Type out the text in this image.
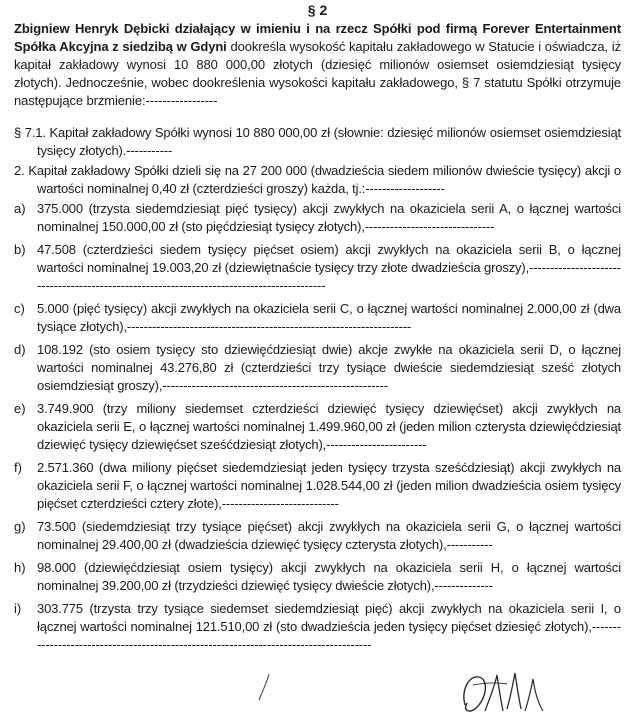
§ 2

Zbigniew Henryk Dębicki działający w imieniu i na rzecz Spółki pod firmą Forever Entertainment Spółka Akcyjna z siedzibą w Gdyni dookreśla wysokość kapitału zakładowego w Statucie i oświadcza, iż kapitał zakładowy wynosi 10 880 000,00 złotych (dziesięć milionów osiemset osiemdziesiąt tysięcy złotych). Jednocześnie, wobec dookreślenia wysokości kapitału zakładowego, § 7 statutu Spółki otrzymuje następujące brzmienie:-----------------

§ 7.1. Kapitał zakładowy Spółki wynosi 10 880 000,00 zł (słownie: dziesięć milionów osiemset osiemdziesiąt tysięcy złotych).-----------

2. Kapitał zakładowy Spółki dzieli się na 27 200 000 (dwadzieścia siedem milionów dwieście tysięcy) akcji o wartości nominalnej 0,40 zł (czterdzieści groszy) każda, tj.:-------------------

a) 375.000 (trzysta siedemdziesiąt pięć tysięcy) akcji zwykłych na okaziciela serii A, o łącznej wartości nominalnej 150.000,00 zł (sto pięćdziesiąt tysięcy złotych),-------------------------------
b) 47.508 (czterdzieści siedem tysięcy pięćset osiem) akcji zwykłych na okaziciela serii B, o łącznej wartości nominalnej 19.003,20 zł (dziewiętnaście tysięcy trzy złote dwadzieścia groszy),-------------------------------------------------------------------------------------------
c) 5.000 (pięć tysięcy) akcji zwykłych na okaziciela serii C, o łącznej wartości nominalnej 2.000,00 zł (dwa tysiące złotych),--------------------------------------------------------------------
d) 108.192 (sto osiem tysięcy sto dziewięćdziesiąt dwie) akcje zwykłe na okaziciela serii D, o łącznej wartości nominalnej 43.276,80 zł (czterdzieści trzy tysiące dwieście siedemdziesiąt sześć złotych osiemdziesiąt groszy),------------------------------------------------------
e) 3.749.900 (trzy miliony siedemset czterdzieści dziewięć tysięcy dziewięćset) akcji zwykłych na okaziciela serii E, o łącznej wartości nominalnej 1.499.960,00 zł (jeden milion czterysta dziewięćdziesiąt dziewięć tysięcy dziewięćset sześćdziesiąt złotych),------------------------
f)	2.571.360 (dwa miliony pięćset siedemdziesiąt jeden tysięcy trzysta sześćdziesiąt) akcji zwykłych na okaziciela serii F, o łącznej wartości nominalnej 1.028.544,00 zł (jeden milion dwadzieścia osiem tysięcy pięćset czterdzieści cztery złote),----------------------------
g) 73.500 (siedemdziesiąt trzy tysiące pięćset) akcji zwykłych na okaziciela serii G, o łącznej wartości nominalnej 29.400,00 zł (dwadzieścia dziewięć tysięcy czterysta złotych),-----------
h) 98.000 (dziewięćdziesiąt osiem tysięcy) akcji zwykłych na okaziciela serii H, o łącznej wartości nominalnej 39.200,00 zł (trzydzieści dziewięć tysięcy dwieście złotych),--------------
i)	303.775 (trzysta trzy tysiące siedemset siedemdziesiąt pięć) akcji zwykłych na okaziciela serii I, o łącznej wartości nominalnej 121.510,00 zł (sto dwadzieścia jeden tysięcy pięćset dziesięć złotych),---------------------------------------------------------------------------------------
